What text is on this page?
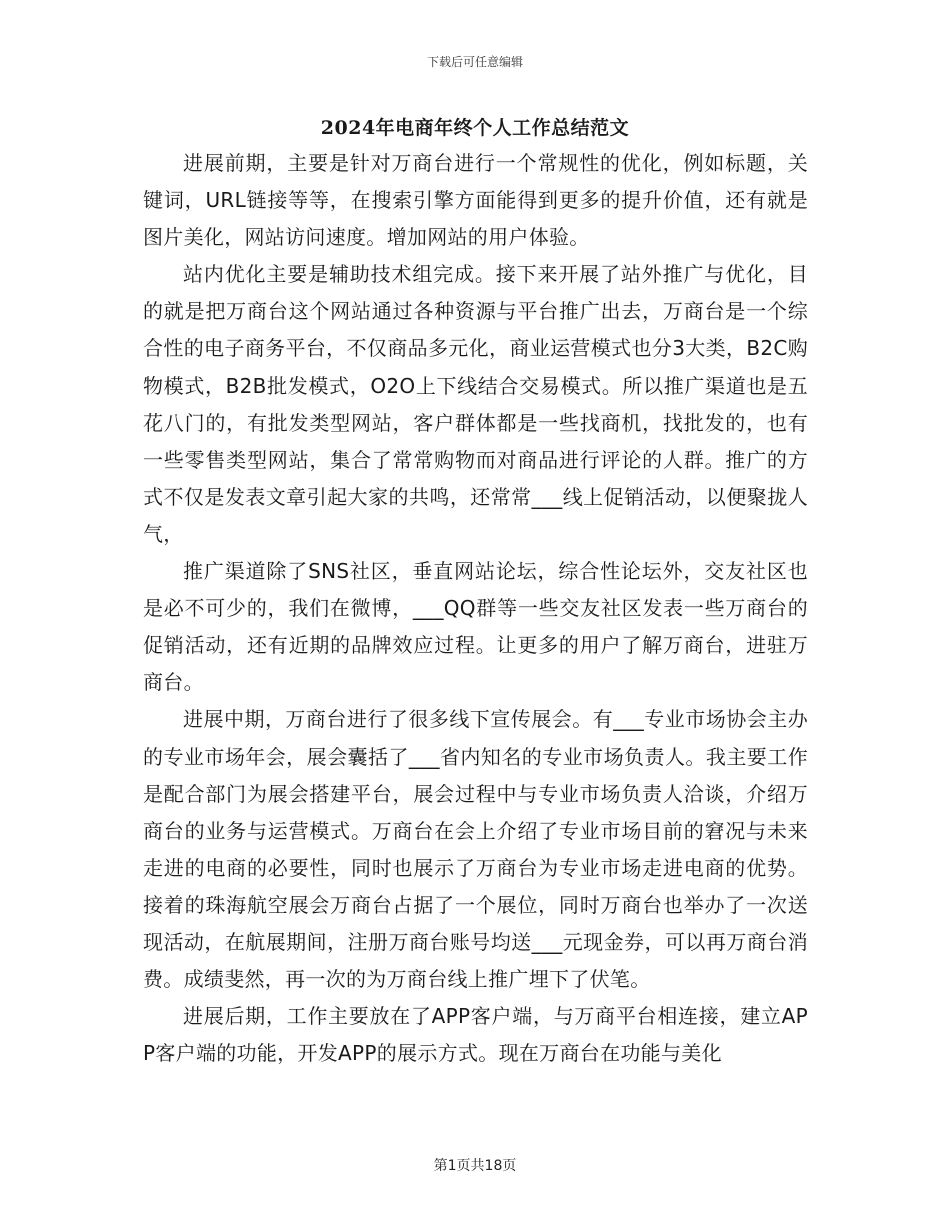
下载后可任意编辑
2024年电商年终个人工作总结范文

进展前期，主要是针对万商台进行一个常规性的优化，例如标题，关键词，URL链接等等，在搜索引擎方面能得到更多的提升价值，还有就是图片美化，网站访问速度。增加网站的用户体验。

站内优化主要是辅助技术组完成。接下来开展了站外推广与优化，目的就是把万商台这个网站通过各种资源与平台推广出去，万商台是一个综合性的电子商务平台，不仅商品多元化，商业运营模式也分3大类，B2C购物模式，B2B批发模式，O2O上下线结合交易模式。所以推广渠道也是五花八门的，有批发类型网站，客户群体都是一些找商机，找批发的，也有一些零售类型网站，集合了常常购物而对商品进行评论的人群。推广的方式不仅是发表文章引起大家的共鸣，还常常___线上促销活动，以便聚拢人气，

推广渠道除了SNS社区，垂直网站论坛，综合性论坛外，交友社区也是必不可少的，我们在微博，___QQ群等一些交友社区发表一些万商台的促销活动，还有近期的品牌效应过程。让更多的用户了解万商台，进驻万商台。

进展中期，万商台进行了很多线下宣传展会。有___专业市场协会主办的专业市场年会，展会囊括了___省内知名的专业市场负责人。我主要工作是配合部门为展会搭建平台，展会过程中与专业市场负责人洽谈，介绍万商台的业务与运营模式。万商台在会上介绍了专业市场目前的窘况与未来走进的电商的必要性，同时也展示了万商台为专业市场走进电商的优势。接着的珠海航空展会万商台占据了一个展位，同时万商台也举办了一次送现活动，在航展期间，注册万商台账号均送___元现金券，可以再万商台消费。成绩斐然，再一次的为万商台线上推广埋下了伏笔。

进展后期，工作主要放在了APP客户端，与万商平台相连接，建立APP客户端的功能，开发APP的展示方式。现在万商台在功能与美化

第1页共18页
